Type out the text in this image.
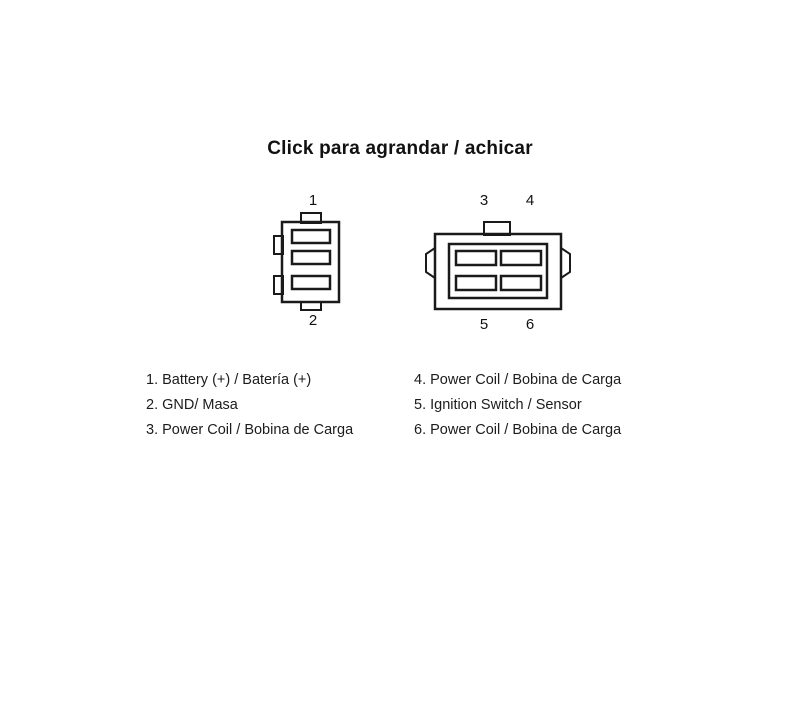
Click para agrandar / achicar
1
2
3	4
5	6
1. Battery (+) / Batería (+)
2. GND/ Masa
3. Power Coil / Bobina de Carga
4. Power Coil / Bobina de Carga
5. Ignition Switch / Sensor
6. Power Coil / Bobina de Carga
